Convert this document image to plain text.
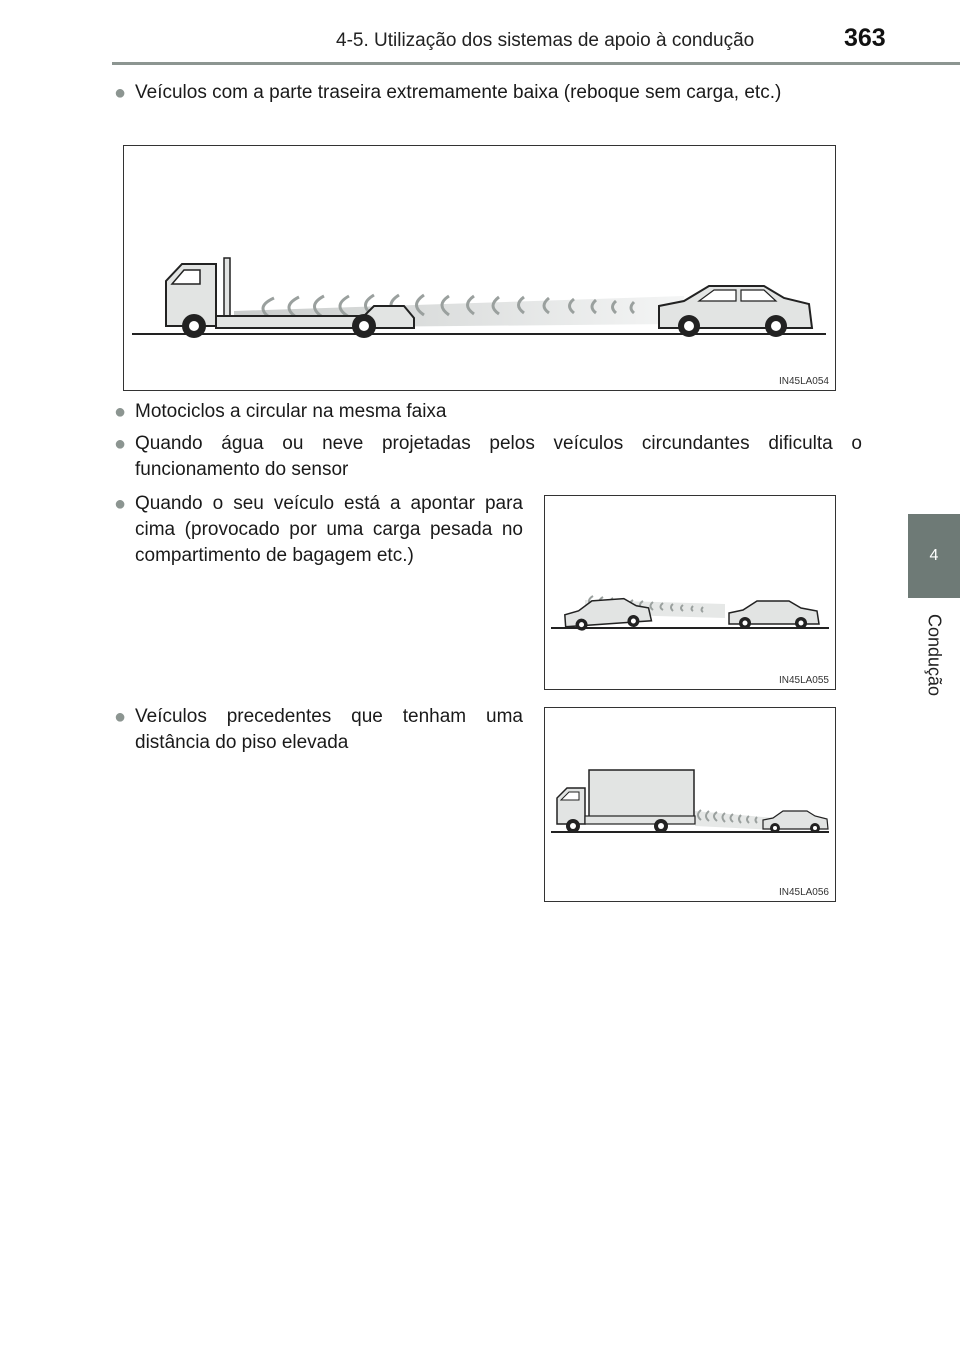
4-5. Utilização dos sistemas de apoio à condução	363
4
Condução
● Veículos com a parte traseira extremamente baixa (reboque sem carga, etc.)
IN45LA054
● Motociclos a circular na mesma faixa
● Quando água ou neve projetadas pelos veículos circundantes dificulta o funcionamento do sensor
● Quando o seu veículo está a apontar para cima (provocado por uma carga pesada no compartimento de bagagem etc.)
IN45LA055
● Veículos precedentes que tenham uma distância do piso elevada
IN45LA056
